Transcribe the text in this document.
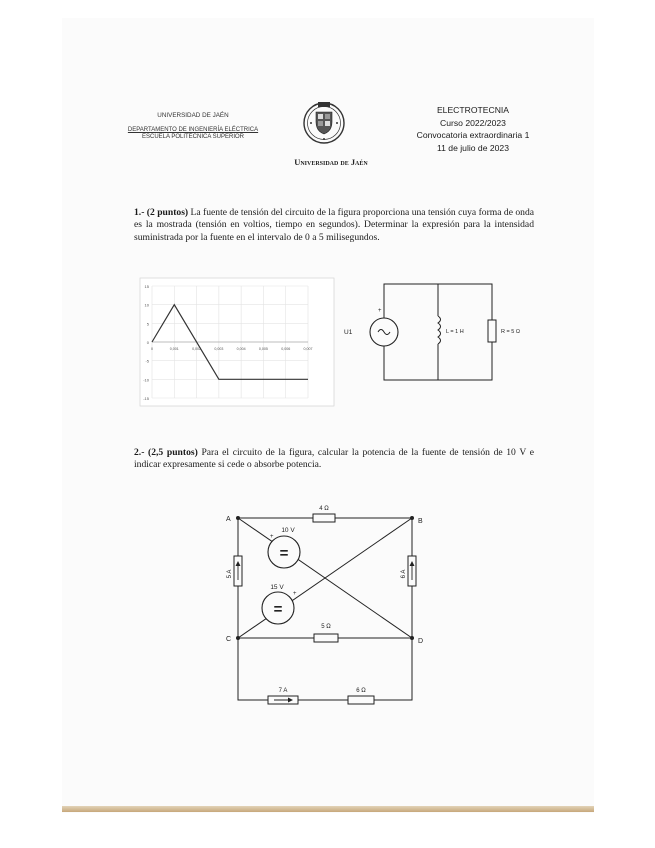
UNIVERSIDAD DE JAÉN
DEPARTAMENTO DE INGENIERÍA ELÉCTRICA
ESCUELA POLITÉCNICA SUPERIOR
Universidad de Jaén
ELECTROTECNIA
Curso 2022/2023
Convocatoria extraordinaria 1
11 de julio de 2023
1.- (2 puntos) La fuente de tensión del circuito de la figura proporciona una tensión cuya forma de onda es la mostrada (tensión en voltios, tiempo en segundos). Determinar la expresión para la intensidad suministrada por la fuente en el intervalo de 0 a 5 milisegundos.
15
10
5
0
-5
-10
-15
0	0,001	0,002	0,003	0,004	0,005	0,006	0,007
+
U1	L = 1 H	R = 5 Ω
2.- (2,5 puntos) Para el circuito de la figura, calcular la potencia de la fuente de tensión de 10 V e indicar expresamente si cede o absorbe potencia.
A	B
C	D
4 Ω
=
10 V
+
=
15 V
+
5 A	6 A
5 Ω
7 A	6 Ω
